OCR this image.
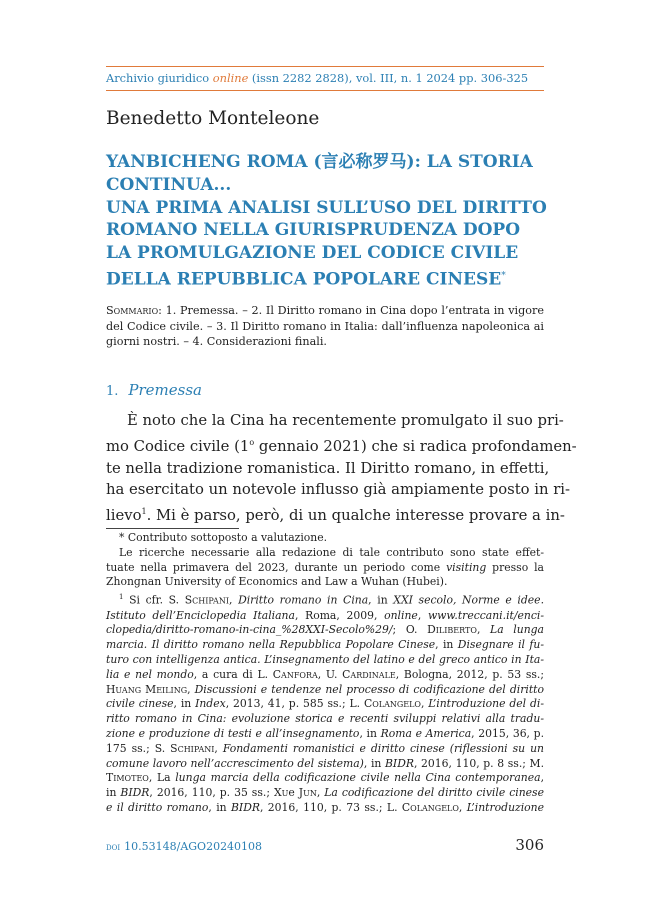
Archivio giuridico online (issn 2282 2828), vol. III, n. 1 2024 pp. 306-325
Benedetto Monteleone
YANBICHENG ROMA (言必称罗马): LA STORIA
CONTINUA...
UNA PRIMA ANALISI SULL’USO DEL DIRITTO
ROMANO NELLA GIURISPRUDENZA DOPO
LA PROMULGAZIONE DEL CODICE CIVILE
DELLA REPUBBLICA POPOLARE CINESE*
Sommario: 1. Premessa. – 2. Il Diritto romano in Cina dopo l’entrata in vigore del Codice civile. – 3. Il Diritto romano in Italia: dall’influenza napoleonica ai giorni nostri. – 4. Considerazioni finali.
1. Premessa
È noto che la Cina ha recentemente promulgato il suo pri-
mo Codice civile (1$^o$ gennaio 2021) che si radica profondamen-
te nella tradizione romanistica. Il Diritto romano, in effetti,
ha esercitato un notevole influsso già ampiamente posto in ri-
lievo$^1$. Mi è parso, però, di un qualche interesse provare a in-
* Contributo sottoposto a valutazione.
Le ricerche necessarie alla redazione di tale contributo sono state effet-
tuate nella primavera del 2023, durante un periodo come visiting presso la
Zhongnan University of Economics and Law a Wuhan (Hubei).
$^1$ Si cfr. S. Schipani, Diritto romano in Cina, in XXI secolo, Norme e idee.
Istituto dell’Enciclopedia Italiana, Roma, 2009, online, www.treccani.it/enci-
clopedia/diritto-romano-in-cina_%28XXI-Secolo%29/; O. Diliberto, La lunga
marcia. Il diritto romano nella Repubblica Popolare Cinese, in Disegnare il fu-
turo con intelligenza antica. L’insegnamento del latino e del greco antico in Ita-
lia e nel mondo, a cura di L. Canfora, U. Cardinale, Bologna, 2012, p. 53 ss.;
Huang Meiling, Discussioni e tendenze nel processo di codificazione del diritto
civile cinese, in Index, 2013, 41, p. 585 ss.; L. Colangelo, L’introduzione del di-
ritto romano in Cina: evoluzione storica e recenti sviluppi relativi alla tradu-
zione e produzione di testi e all’insegnamento, in Roma e America, 2015, 36, p.
175 ss.; S. Schipani, Fondamenti romanistici e diritto cinese (riflessioni su un
comune lavoro nell’accrescimento del sistema), in BIDR, 2016, 110, p. 8 ss.; M.
Timoteo, La lunga marcia della codificazione civile nella Cina contemporanea,
in BIDR, 2016, 110, p. 35 ss.; Xue Jun, La codificazione del diritto civile cinese
e il diritto romano, in BIDR, 2016, 110, p. 73 ss.; L. Colangelo, L’introduzione
doi 10.53148/AGO20240108	306
